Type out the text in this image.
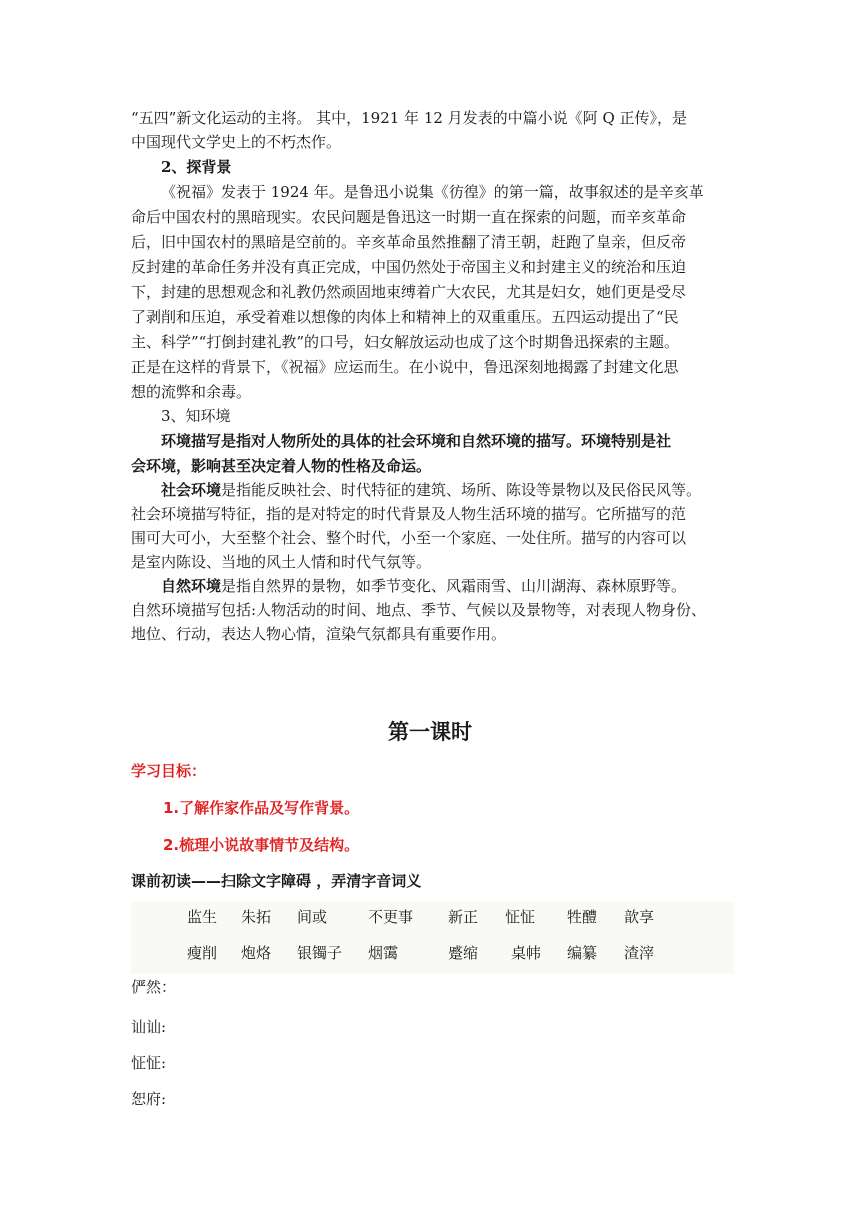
“五四”新文化运动的主将。 其中，1921 年 12 月发表的中篇小说《阿 Q 正传》，是
中国现代文学史上的不朽杰作。
2、探背景
《祝福》发表于 1924 年。是鲁迅小说集《彷徨》的第一篇，故事叙述的是辛亥革
命后中国农村的黑暗现实。农民问题是鲁迅这一时期一直在探索的问题，而辛亥革命
后，旧中国农村的黑暗是空前的。辛亥革命虽然推翻了清王朝，赶跑了皇亲，但反帝
反封建的革命任务并没有真正完成，中国仍然处于帝国主义和封建主义的统治和压迫
下，封建的思想观念和礼教仍然顽固地束缚着广大农民，尤其是妇女，她们更是受尽
了剥削和压迫，承受着难以想像的肉体上和精神上的双重重压。五四运动提出了“民
主、科学”“打倒封建礼教”的口号，妇女解放运动也成了这个时期鲁迅探索的主题。
正是在这样的背景下，《祝福》应运而生。在小说中，鲁迅深刻地揭露了封建文化思
想的流弊和余毒。
3、知环境
环境描写是指对人物所处的具体的社会环境和自然环境的描写。环境特别是社
会环境，影响甚至决定着人物的性格及命运。
社会环境是指能反映社会、时代特征的建筑、场所、陈设等景物以及民俗民风等。
社会环境描写特征，指的是对特定的时代背景及人物生活环境的描写。它所描写的范
围可大可小，大至整个社会、整个时代，小至一个家庭、一处住所。描写的内容可以
是室内陈设、当地的风土人情和时代气氛等。
自然环境是指自然界的景物，如季节变化、风霜雨雪、山川湖海、森林原野等。
自然环境描写包括:人物活动的时间、地点、季节、气候以及景物等，对表现人物身份、
地位、行动，表达人物心情，渲染气氛都具有重要作用。
第一课时
学习目标：
1.了解作家作品及写作背景。
2.梳理小说故事情节及结构。
课前初读——扫除文字障碍 ，弄清字音词义
监生 朱拓 间或	不更事 新正 怔怔 牲醴 歆享
瘦削 炮烙 银镯子 烟霭	蹙缩 桌帏 编纂 渣滓
俨然：
讪讪:
怔怔:
恕府:
